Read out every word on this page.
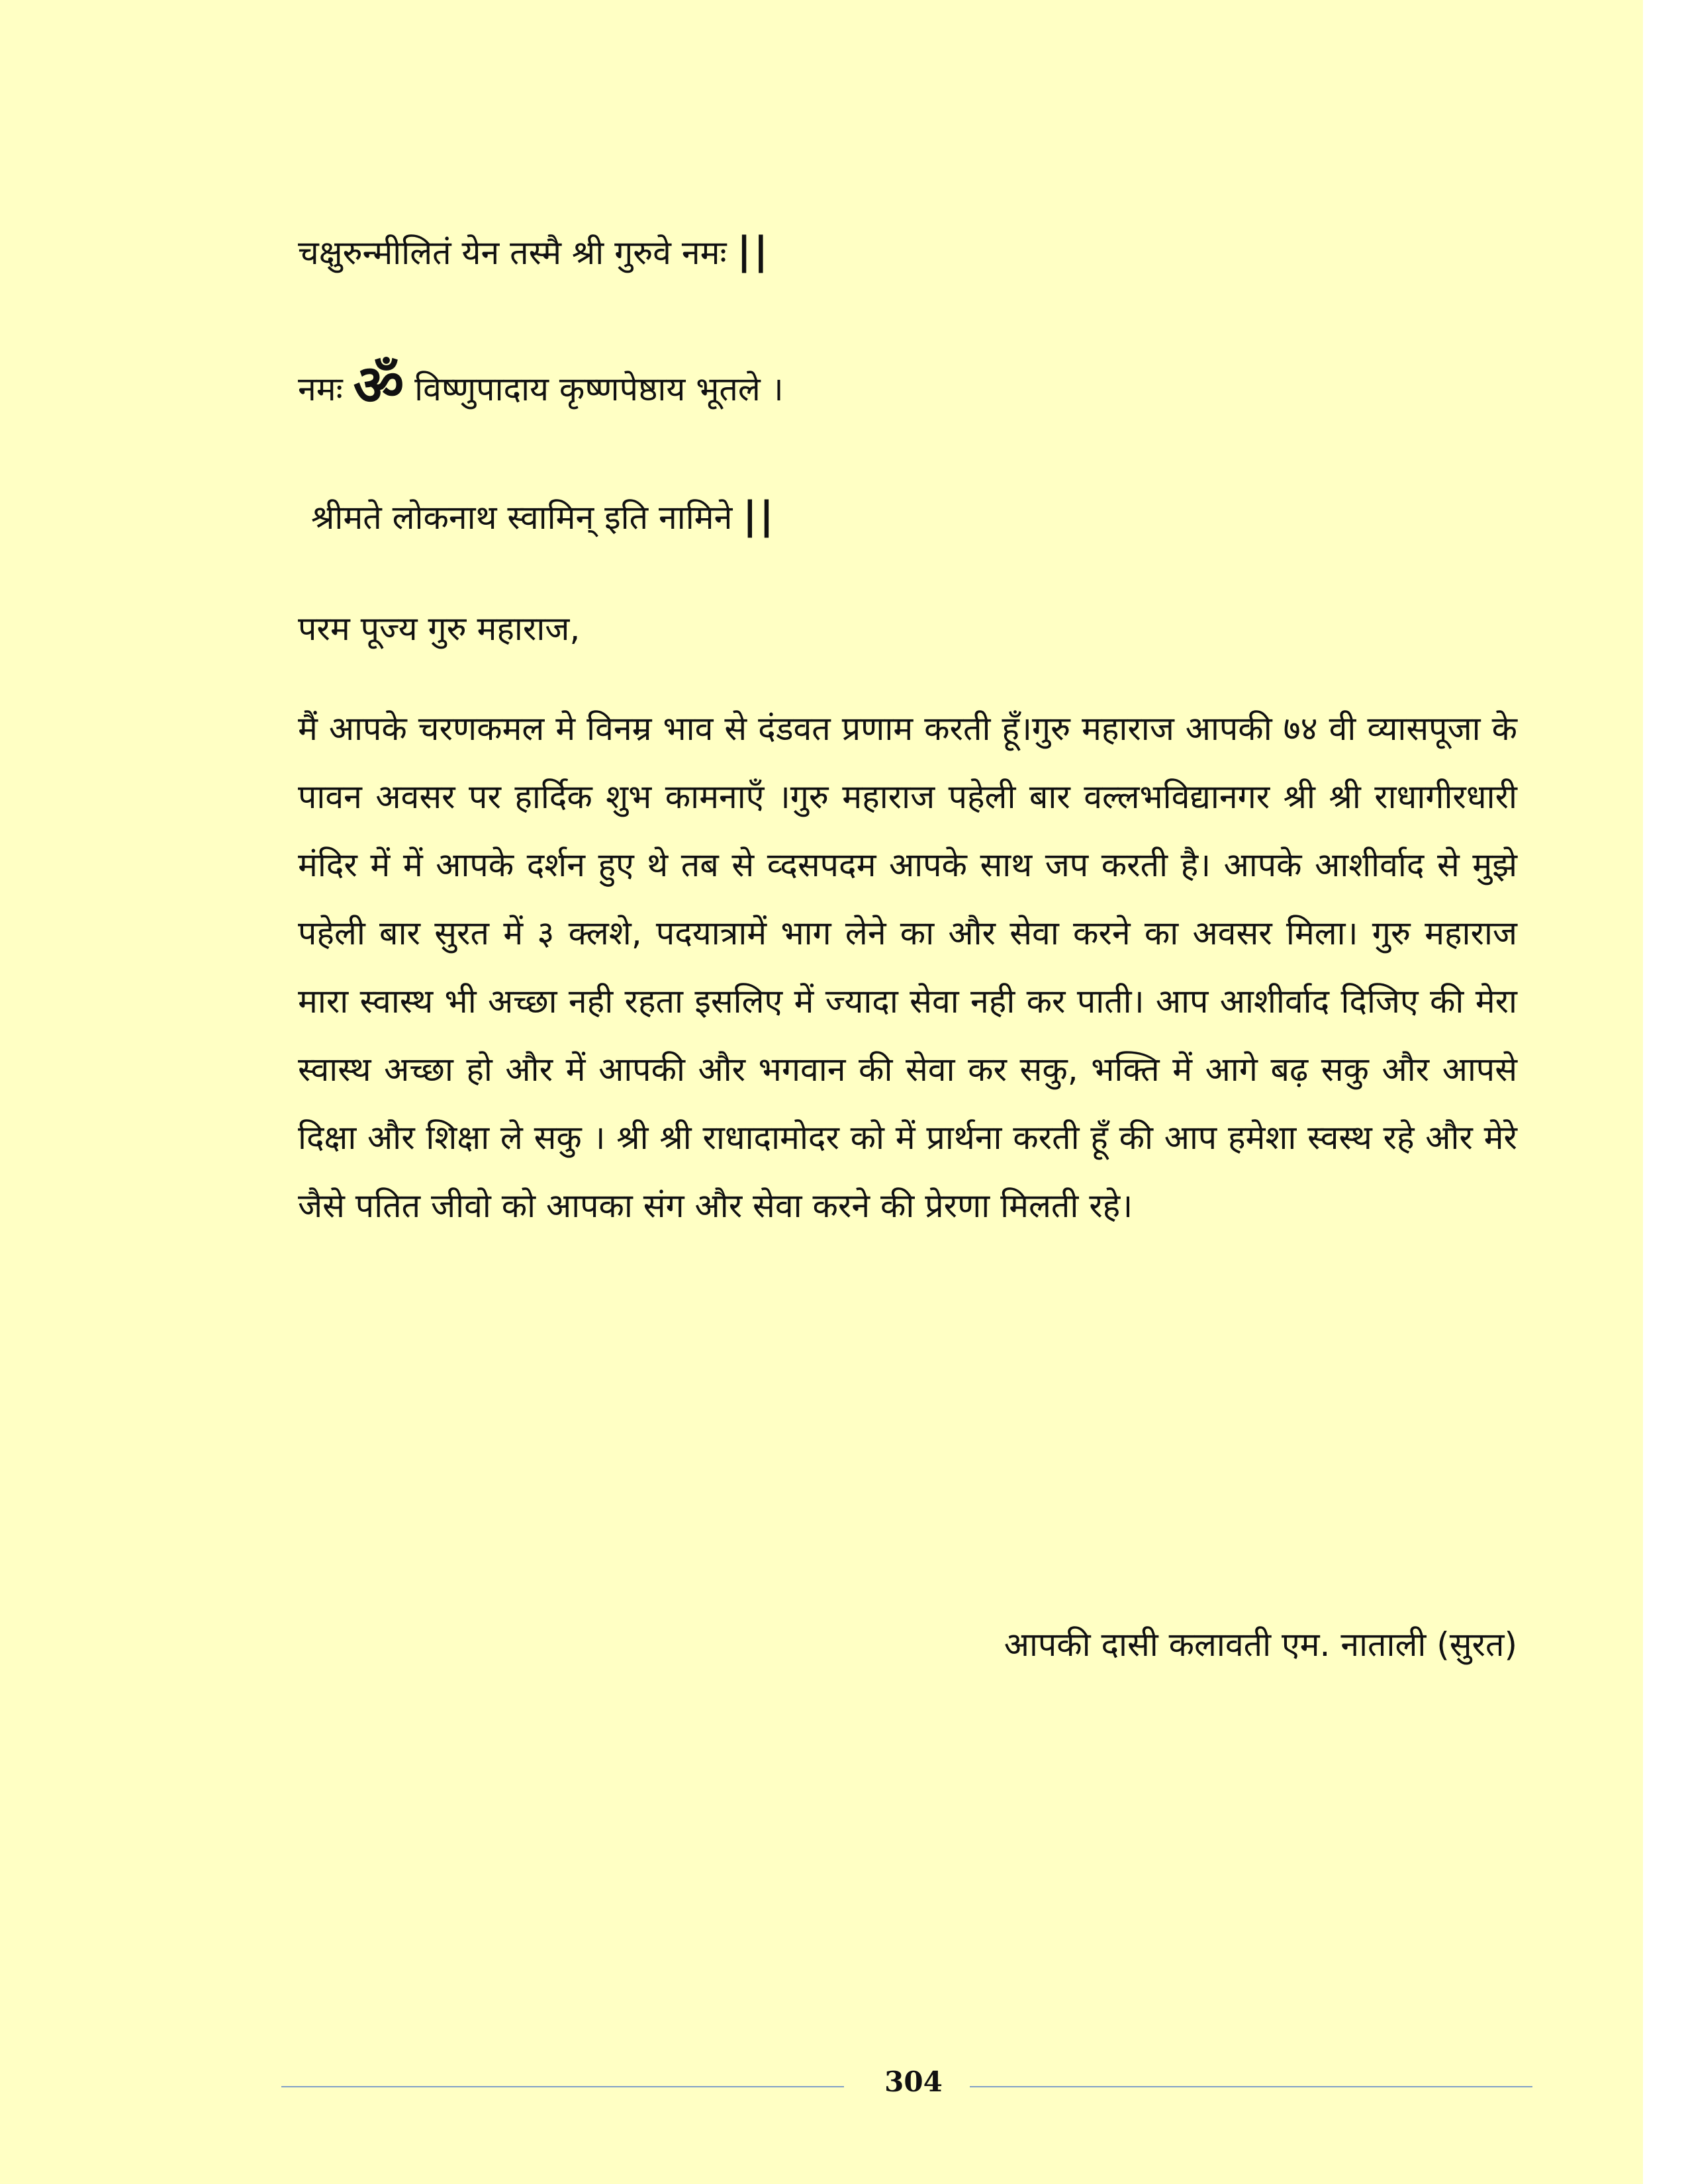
चक्षुरुन्मीलितं येन तस्मै श्री गुरुवे नमः ||
नमः ॐ विष्णुपादाय कृष्णपेष्ठाय भूतले ।
श्रीमते लोकनाथ स्वामिन् इति नामिने ||
परम पूज्य गुरु महाराज,
मैं आपके चरणकमल मे विनम्र भाव से दंडवत प्रणाम करती हूँ।गुरु महाराज आपकी ७४ वी व्यासपूजा के पावन अवसर पर हार्दिक शुभ कामनाएँ ।गुरु महाराज पहेली बार वल्लभविद्यानगर श्री श्री राधागीरधारी मंदिर में में आपके दर्शन हुए थे तब से व्दसपदम आपके साथ जप करती है। आपके आशीर्वाद से मुझे पहेली बार सुरत में ३ क्लशे, पदयात्रामें भाग लेने का और सेवा करने का अवसर मिला। गुरु महाराज मारा स्वास्थ भी अच्छा नही रहता इसलिए में ज्यादा सेवा नही कर पाती। आप आशीर्वाद दिजिए की मेरा स्वास्थ अच्छा हो और में आपकी और भगवान की सेवा कर सकु, भक्ति में आगे बढ़ सकु और आपसे दिक्षा और शिक्षा ले सकु । श्री श्री राधादामोदर को में प्रार्थना करती हूँ की आप हमेशा स्वस्थ रहे और मेरे जैसे पतित जीवो को आपका संग और सेवा करने की प्रेरणा मिलती रहे।
आपकी दासी कलावती एम. नाताली (सुरत)
304
